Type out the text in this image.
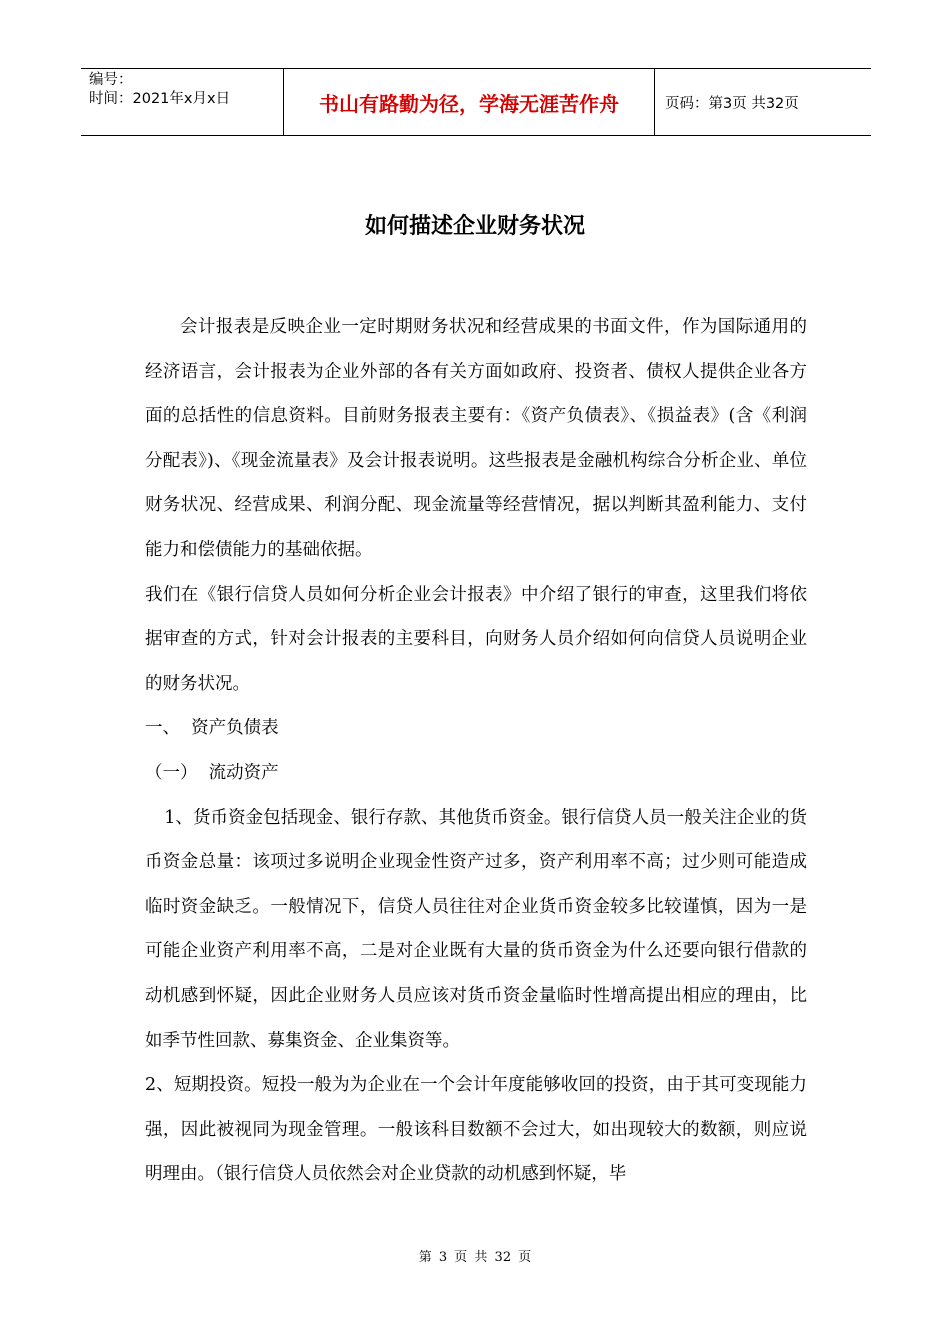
编号：
时间：2021年x月x日	书山有路勤为径，学海无涯苦作舟	页码：第3页 共32页
如何描述企业财务状况

会计报表是反映企业一定时期财务状况和经营成果的书面文件，作为国际通用的经济语言，会计报表为企业外部的各有关方面如政府、投资者、债权人提供企业各方面的总括性的信息资料。目前财务报表主要有：《资产负债表》、《损益表》(含《利润分配表》)、《现金流量表》及会计报表说明。这些报表是金融机构综合分析企业、单位财务状况、经营成果、利润分配、现金流量等经营情况，据以判断其盈利能力、支付能力和偿债能力的基础依据。

我们在《银行信贷人员如何分析企业会计报表》中介绍了银行的审查，这里我们将依据审查的方式，针对会计报表的主要科目，向财务人员介绍如何向信贷人员说明企业的财务状况。

一、  资产负债表

（一）  流动资产

1、货币资金包括现金、银行存款、其他货币资金。银行信贷人员一般关注企业的货币资金总量：该项过多说明企业现金性资产过多，资产利用率不高；过少则可能造成临时资金缺乏。一般情况下，信贷人员往往对企业货币资金较多比较谨慎，因为一是可能企业资产利用率不高，二是对企业既有大量的货币资金为什么还要向银行借款的动机感到怀疑，因此企业财务人员应该对货币资金量临时性增高提出相应的理由，比如季节性回款、募集资金、企业集资等。

2、短期投资。短投一般为为企业在一个会计年度能够收回的投资，由于其可变现能力强，因此被视同为现金管理。一般该科目数额不会过大，如出现较大的数额，则应说明理由。（银行信贷人员依然会对企业贷款的动机感到怀疑，毕

第 3 页 共 32 页
